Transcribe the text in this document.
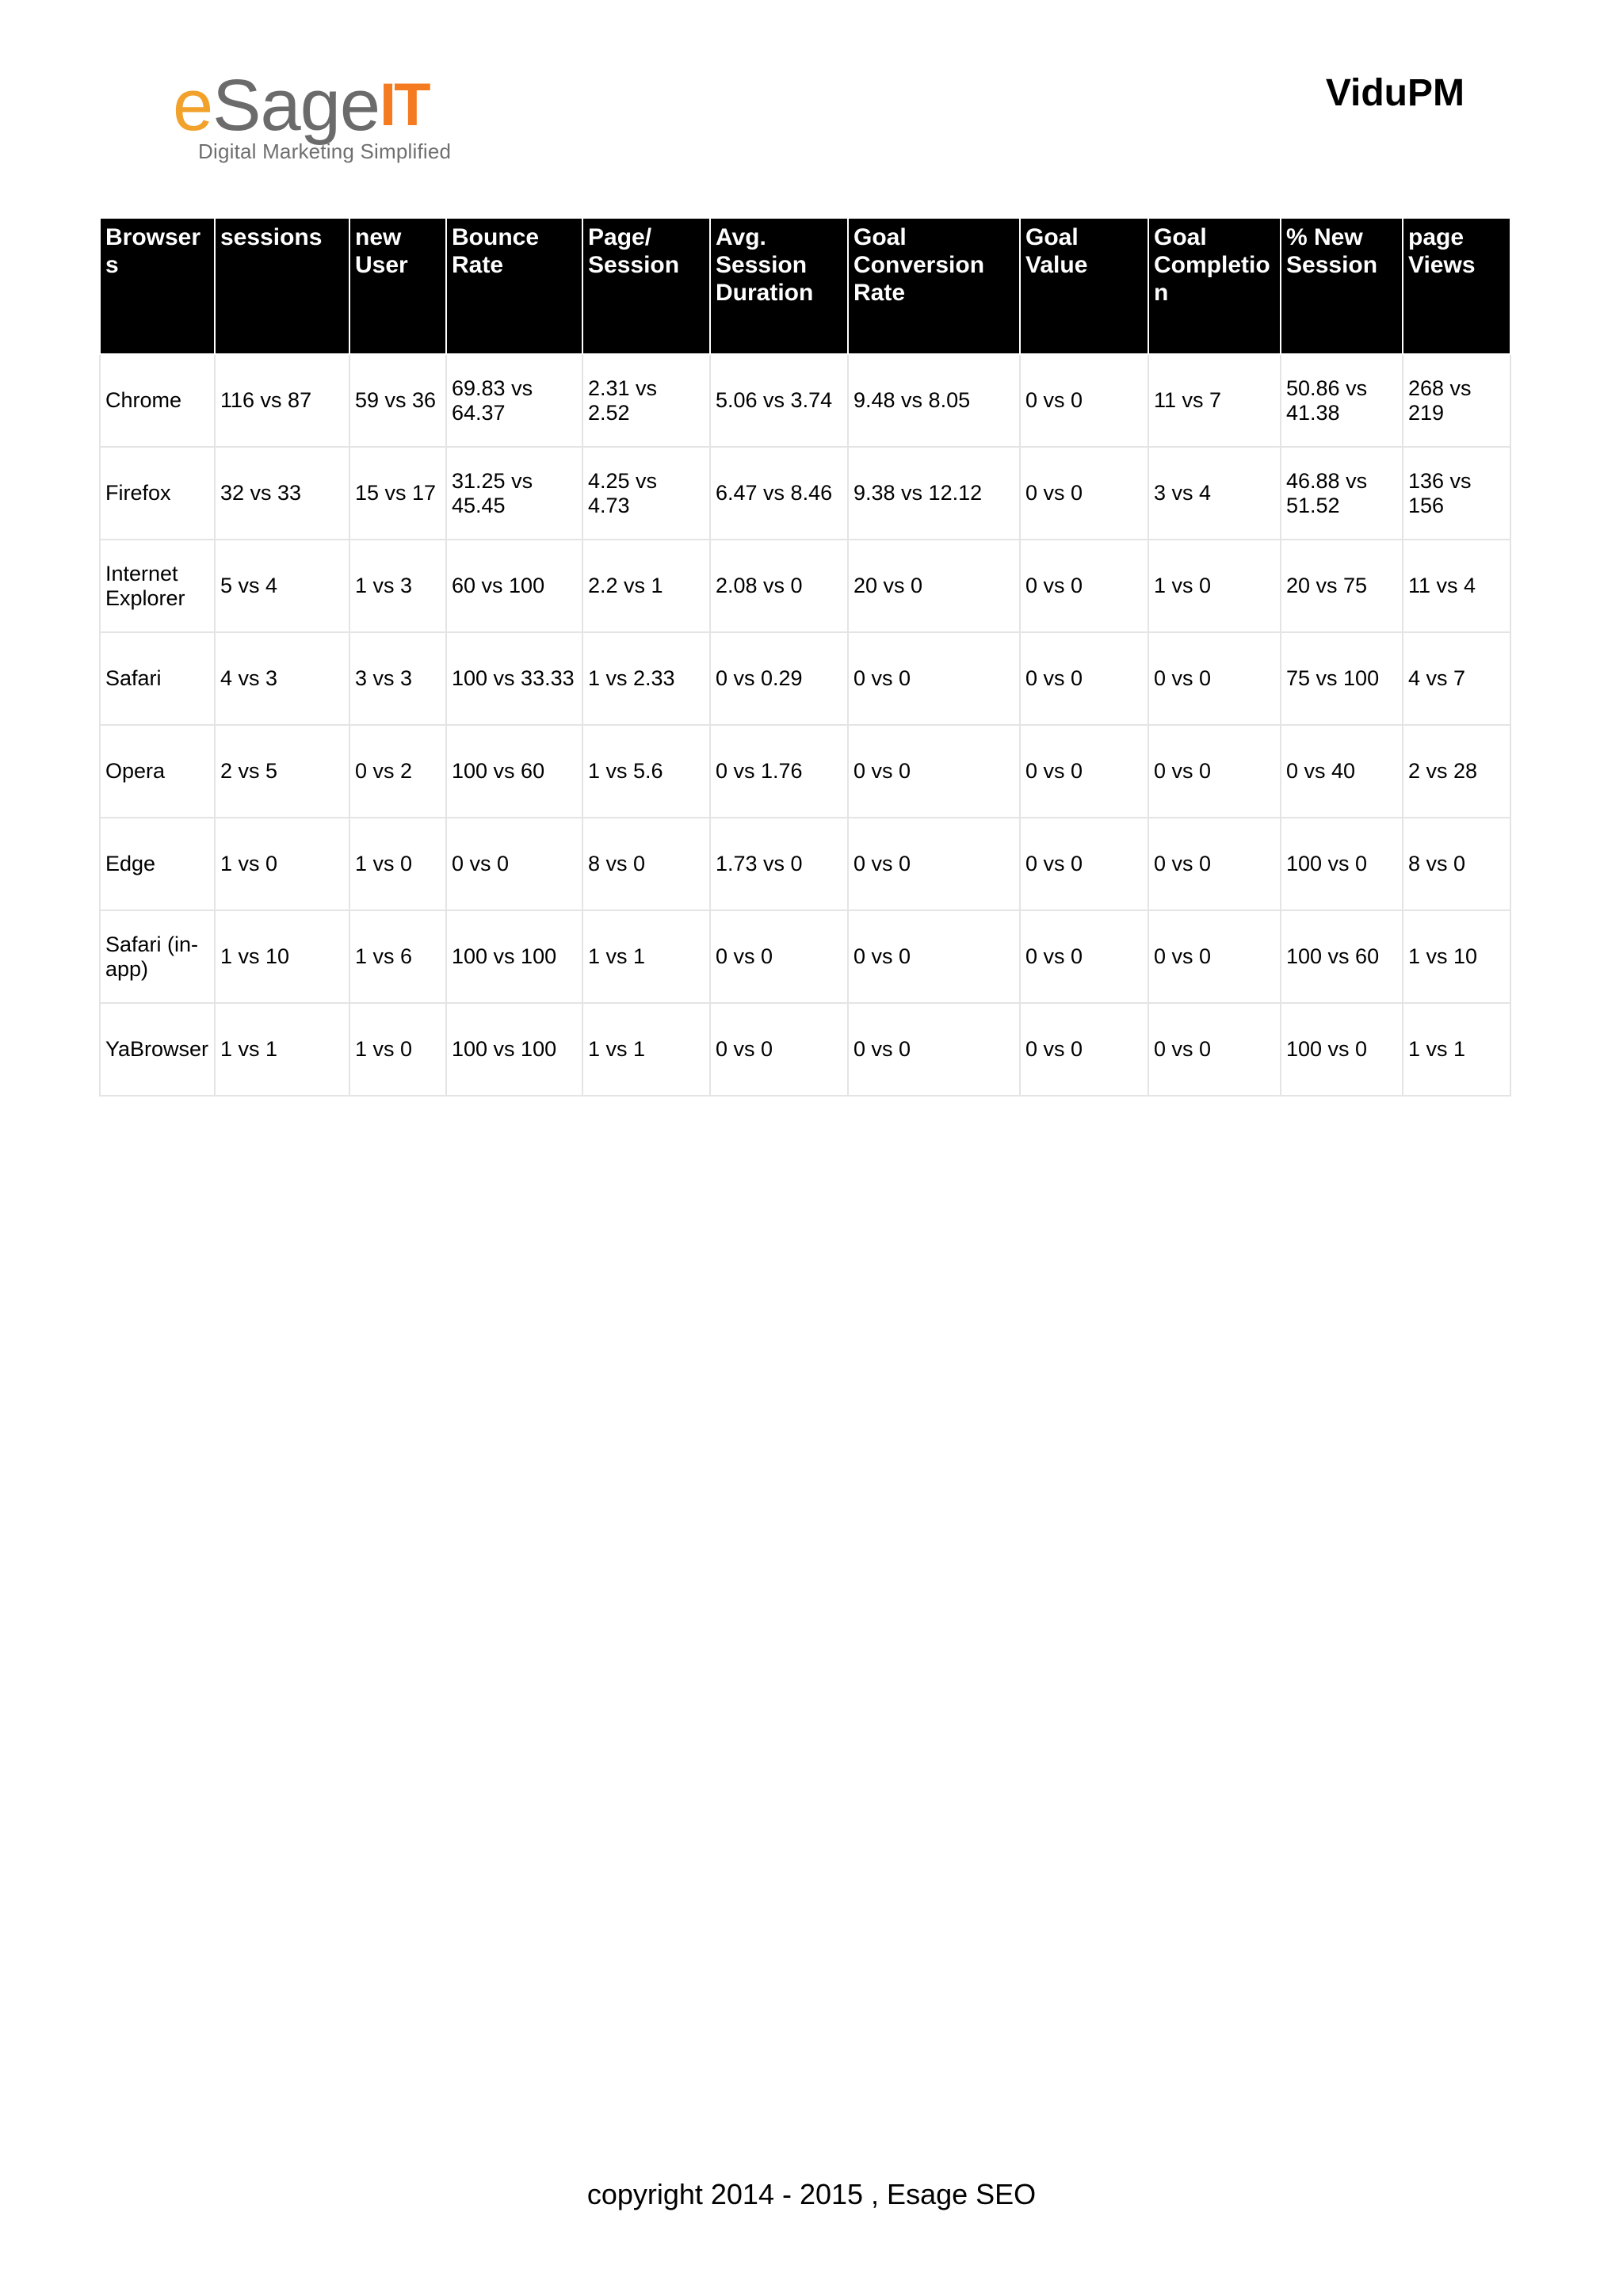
eSageIT
Digital Marketing Simplified
ViduPM
Browsers	sessions	new User	Bounce Rate	Page/ Session	Avg. Session Duration	Goal Conversion Rate	Goal Value	Goal Completion	% New Session	page Views
Chrome	116 vs 87	59 vs 36	69.83 vs 64.37	2.31 vs 2.52	5.06 vs 3.74	9.48 vs 8.05	0 vs 0	11 vs 7	50.86 vs 41.38	268 vs 219
Firefox	32 vs 33	15 vs 17	31.25 vs 45.45	4.25 vs 4.73	6.47 vs 8.46	9.38 vs 12.12	0 vs 0	3 vs 4	46.88 vs 51.52	136 vs 156
Internet Explorer	5 vs 4	1 vs 3	60 vs 100	2.2 vs 1	2.08 vs 0	20 vs 0	0 vs 0	1 vs 0	20 vs 75	11 vs 4
Safari	4 vs 3	3 vs 3	100 vs 33.33	1 vs 2.33	0 vs 0.29	0 vs 0	0 vs 0	0 vs 0	75 vs 100	4 vs 7
Opera	2 vs 5	0 vs 2	100 vs 60	1 vs 5.6	0 vs 1.76	0 vs 0	0 vs 0	0 vs 0	0 vs 40	2 vs 28
Edge	1 vs 0	1 vs 0	0 vs 0	8 vs 0	1.73 vs 0	0 vs 0	0 vs 0	0 vs 0	100 vs 0	8 vs 0
Safari (in-app)	1 vs 10	1 vs 6	100 vs 100	1 vs 1	0 vs 0	0 vs 0	0 vs 0	0 vs 0	100 vs 60	1 vs 10
YaBrowser	1 vs 1	1 vs 0	100 vs 100	1 vs 1	0 vs 0	0 vs 0	0 vs 0	0 vs 0	100 vs 0	1 vs 1
copyright 2014 - 2015 , Esage SEO
